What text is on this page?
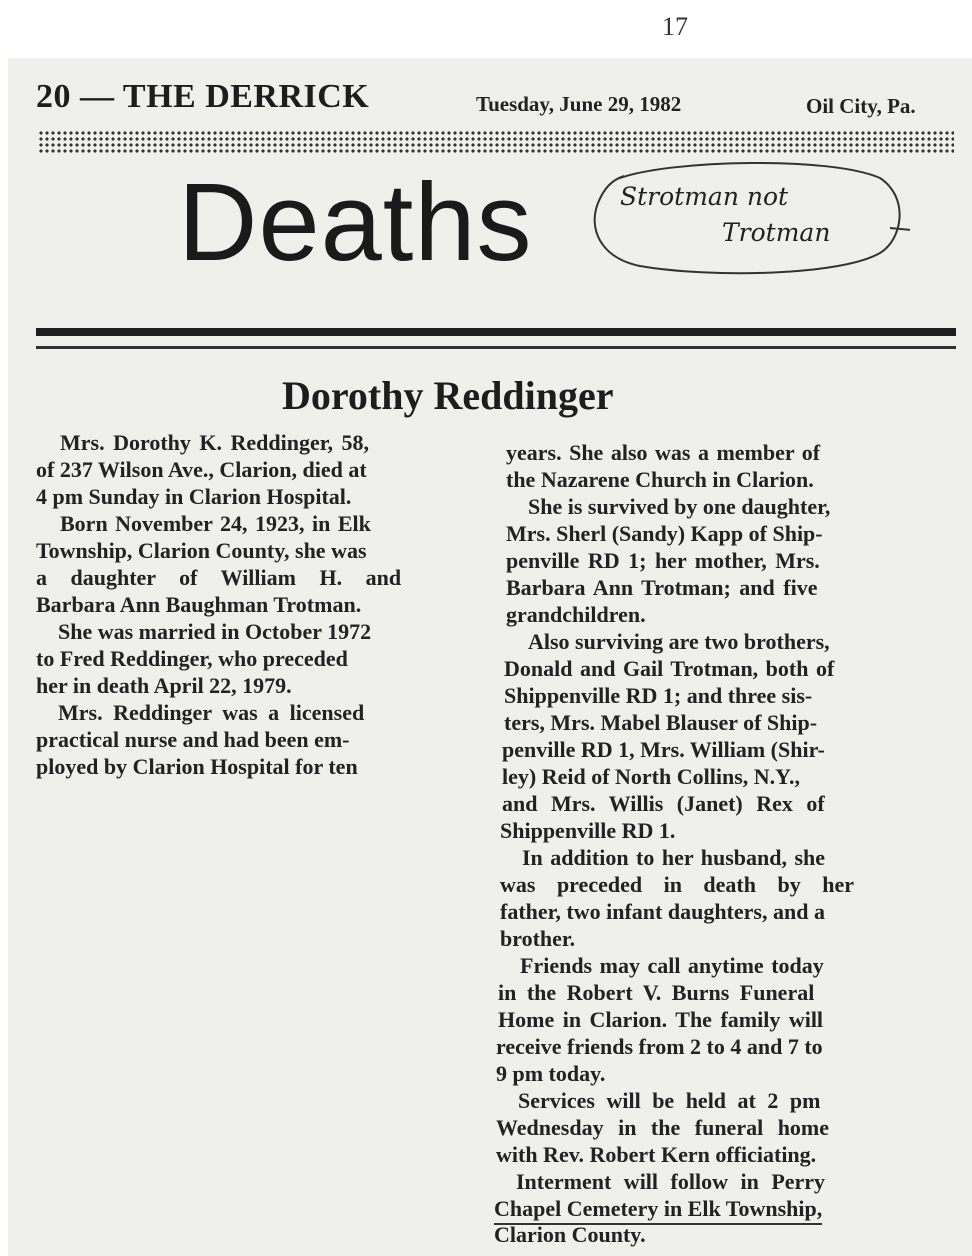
17
20 — THE DERRICK	Tuesday, June 29, 1982	Oil City, Pa.
Deaths	Strotman not
Trotman
Dorothy Reddinger
Mrs. Dorothy K. Reddinger, 58,
of 237 Wilson Ave., Clarion, died at
4 pm Sunday in Clarion Hospital.
Born November 24, 1923, in Elk
Township, Clarion County, she was
a daughter of William H. and
Barbara Ann Baughman Trotman.
She was married in October 1972
to Fred Reddinger, who preceded
her in death April 22, 1979.
Mrs. Reddinger was a licensed
practical nurse and had been em-
ployed by Clarion Hospital for ten
years. She also was a member of
the Nazarene Church in Clarion.
She is survived by one daughter,
Mrs. Sherl (Sandy) Kapp of Ship-
penville RD 1; her mother, Mrs.
Barbara Ann Trotman; and five
grandchildren.
Also surviving are two brothers,
Donald and Gail Trotman, both of
Shippenville RD 1; and three sis-
ters, Mrs. Mabel Blauser of Ship-
penville RD 1, Mrs. William (Shir-
ley) Reid of North Collins, N.Y.,
and Mrs. Willis (Janet) Rex of
Shippenville RD 1.
In addition to her husband, she
was preceded in death by her
father, two infant daughters, and a
brother.
Friends may call anytime today
in the Robert V. Burns Funeral
Home in Clarion. The family will
receive friends from 2 to 4 and 7 to
9 pm today.
Services will be held at 2 pm
Wednesday in the funeral home
with Rev. Robert Kern officiating.
Interment will follow in Perry
Chapel Cemetery in Elk Township,
Clarion County.
